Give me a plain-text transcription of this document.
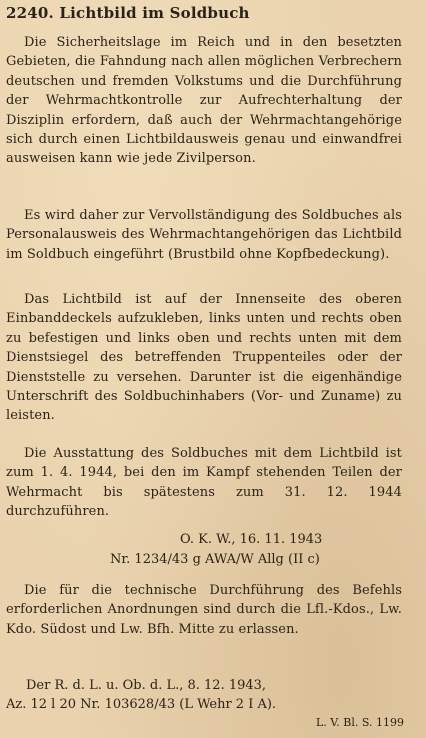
2240. Lichtbild im Soldbuch

Die Sicherheitslage im Reich und in den besetzten Gebieten, die Fahndung nach allen möglichen Verbrechern deutschen und fremden Volkstums und die Durchführung der Wehrmachtkontrolle zur Aufrechterhaltung der Disziplin erfordern, daß auch der Wehrmachtangehörige sich durch einen Lichtbildausweis genau und einwandfrei ausweisen kann wie jede Zivilperson.

Es wird daher zur Vervollständigung des Soldbuches als Personalausweis des Wehrmachtangehörigen das Lichtbild im Soldbuch eingeführt (Brustbild ohne Kopfbedeckung).

Das Lichtbild ist auf der Innenseite des oberen Einbanddeckels aufzukleben, links unten und rechts oben zu befestigen und links oben und rechts unten mit dem Dienstsiegel des betreffenden Truppenteiles oder der Dienststelle zu versehen. Darunter ist die eigenhändige Unterschrift des Soldbuchinhabers (Vor- und Zuname) zu leisten.

Die Ausstattung des Soldbuches mit dem Lichtbild ist zum 1. 4. 1944, bei den im Kampf stehenden Teilen der Wehrmacht bis spätestens zum 31. 12. 1944 durchzuführen.

O. K. W., 16. 11. 1943
Nr. 1234/43 g AWA/W Allg (II c)

Die für die technische Durchführung des Befehls erforderlichen Anordnungen sind durch die Lfl.-Kdos., Lw. Kdo. Südost und Lw. Bfh. Mitte zu erlassen.

Der R. d. L. u. Ob. d. L., 8. 12. 1943,
Az. 12 l 20 Nr. 103628/43 (L Wehr 2 I A).
L. V. Bl. S. 1199
